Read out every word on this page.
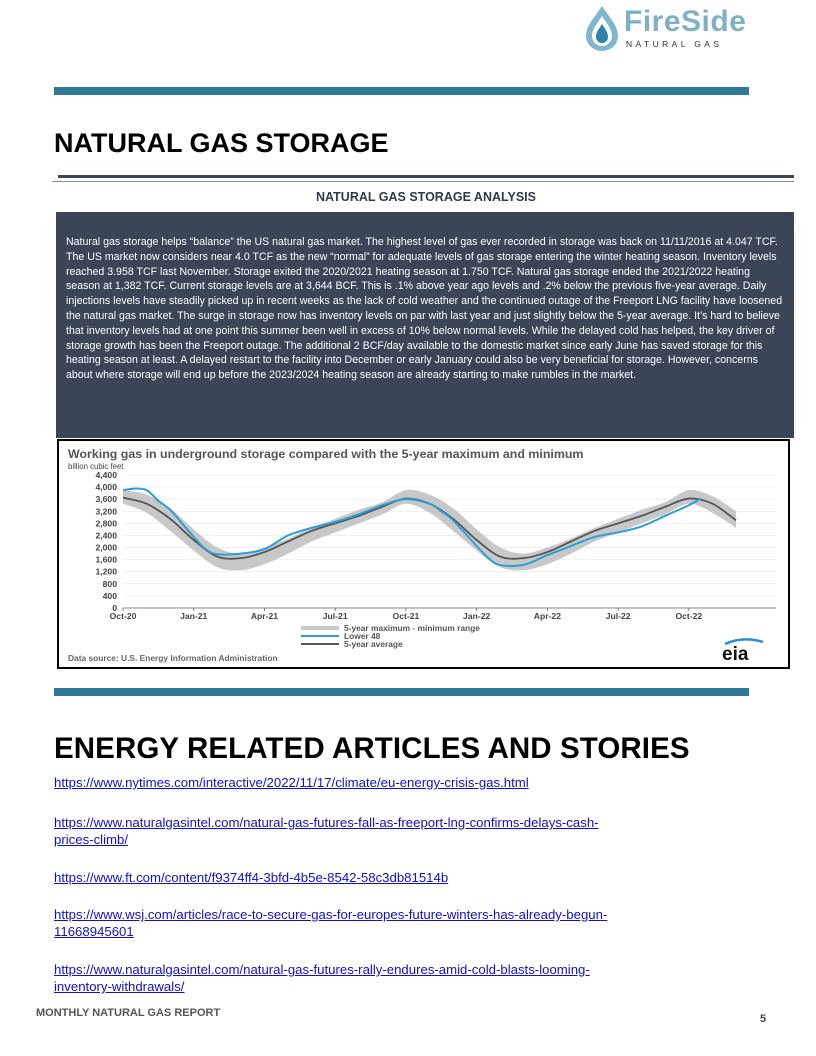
FireSide
NATURAL GAS
NATURAL GAS STORAGE
NATURAL GAS STORAGE ANALYSIS

Natural gas storage helps “balance” the US natural gas market. The highest level of gas ever recorded in storage was back on 11/11/2016 at 4.047 TCF. The US market now considers near 4.0 TCF as the new “normal” for adequate levels of gas storage entering the winter heating season. Inventory levels reached 3.958 TCF last November. Storage exited the 2020/2021 heating season at 1.750 TCF. Natural gas storage ended the 2021/2022 heating season at 1,382 TCF. Current storage levels are at 3,644 BCF. This is .1% above year ago levels and .2% below the previous five-year average. Daily injections levels have steadily picked up in recent weeks as the lack of cold weather and the continued outage of the Freeport LNG facility have loosened the natural gas market. The surge in storage now has inventory levels on par with last year and just slightly below the 5-year average. It’s hard to believe that inventory levels had at one point this summer been well in excess of 10% below normal levels. While the delayed cold has helped, the key driver of storage growth has been the Freeport outage. The additional 2 BCF/day available to the domestic market since early June has saved storage for this heating season at least. A delayed restart to the facility into December or early January could also be very beneficial for storage. However, concerns about where storage will end up before the 2023/2024 heating season are already starting to make rumbles in the market.

Working gas in underground storage compared with the 5-year maximum and minimum
billion cubic feet
0
400
800
1,200
1,600
2,000
2,400
2,800
3,200
3,600
4,000
4,400
Oct-20	Jan-21	Apr-21	Jul-21	Oct-21	Jan-22	Apr-22	Jul-22	Oct-22
5-year maximum - minimum range
Lower 48
5-year average
Data source: U.S. Energy Information Administration	eia
ENERGY RELATED ARTICLES AND STORIES
https://www.nytimes.com/interactive/2022/11/17/climate/eu-energy-crisis-gas.html
https://www.naturalgasintel.com/natural-gas-futures-fall-as-freeport-lng-confirms-delays-cash-
prices-climb/
https://www.ft.com/content/f9374ff4-3bfd-4b5e-8542-58c3db81514b
https://www.wsj.com/articles/race-to-secure-gas-for-europes-future-winters-has-already-begun-
11668945601
https://www.naturalgasintel.com/natural-gas-futures-rally-endures-amid-cold-blasts-looming-
inventory-withdrawals/
MONTHLY NATURAL GAS REPORT	5
